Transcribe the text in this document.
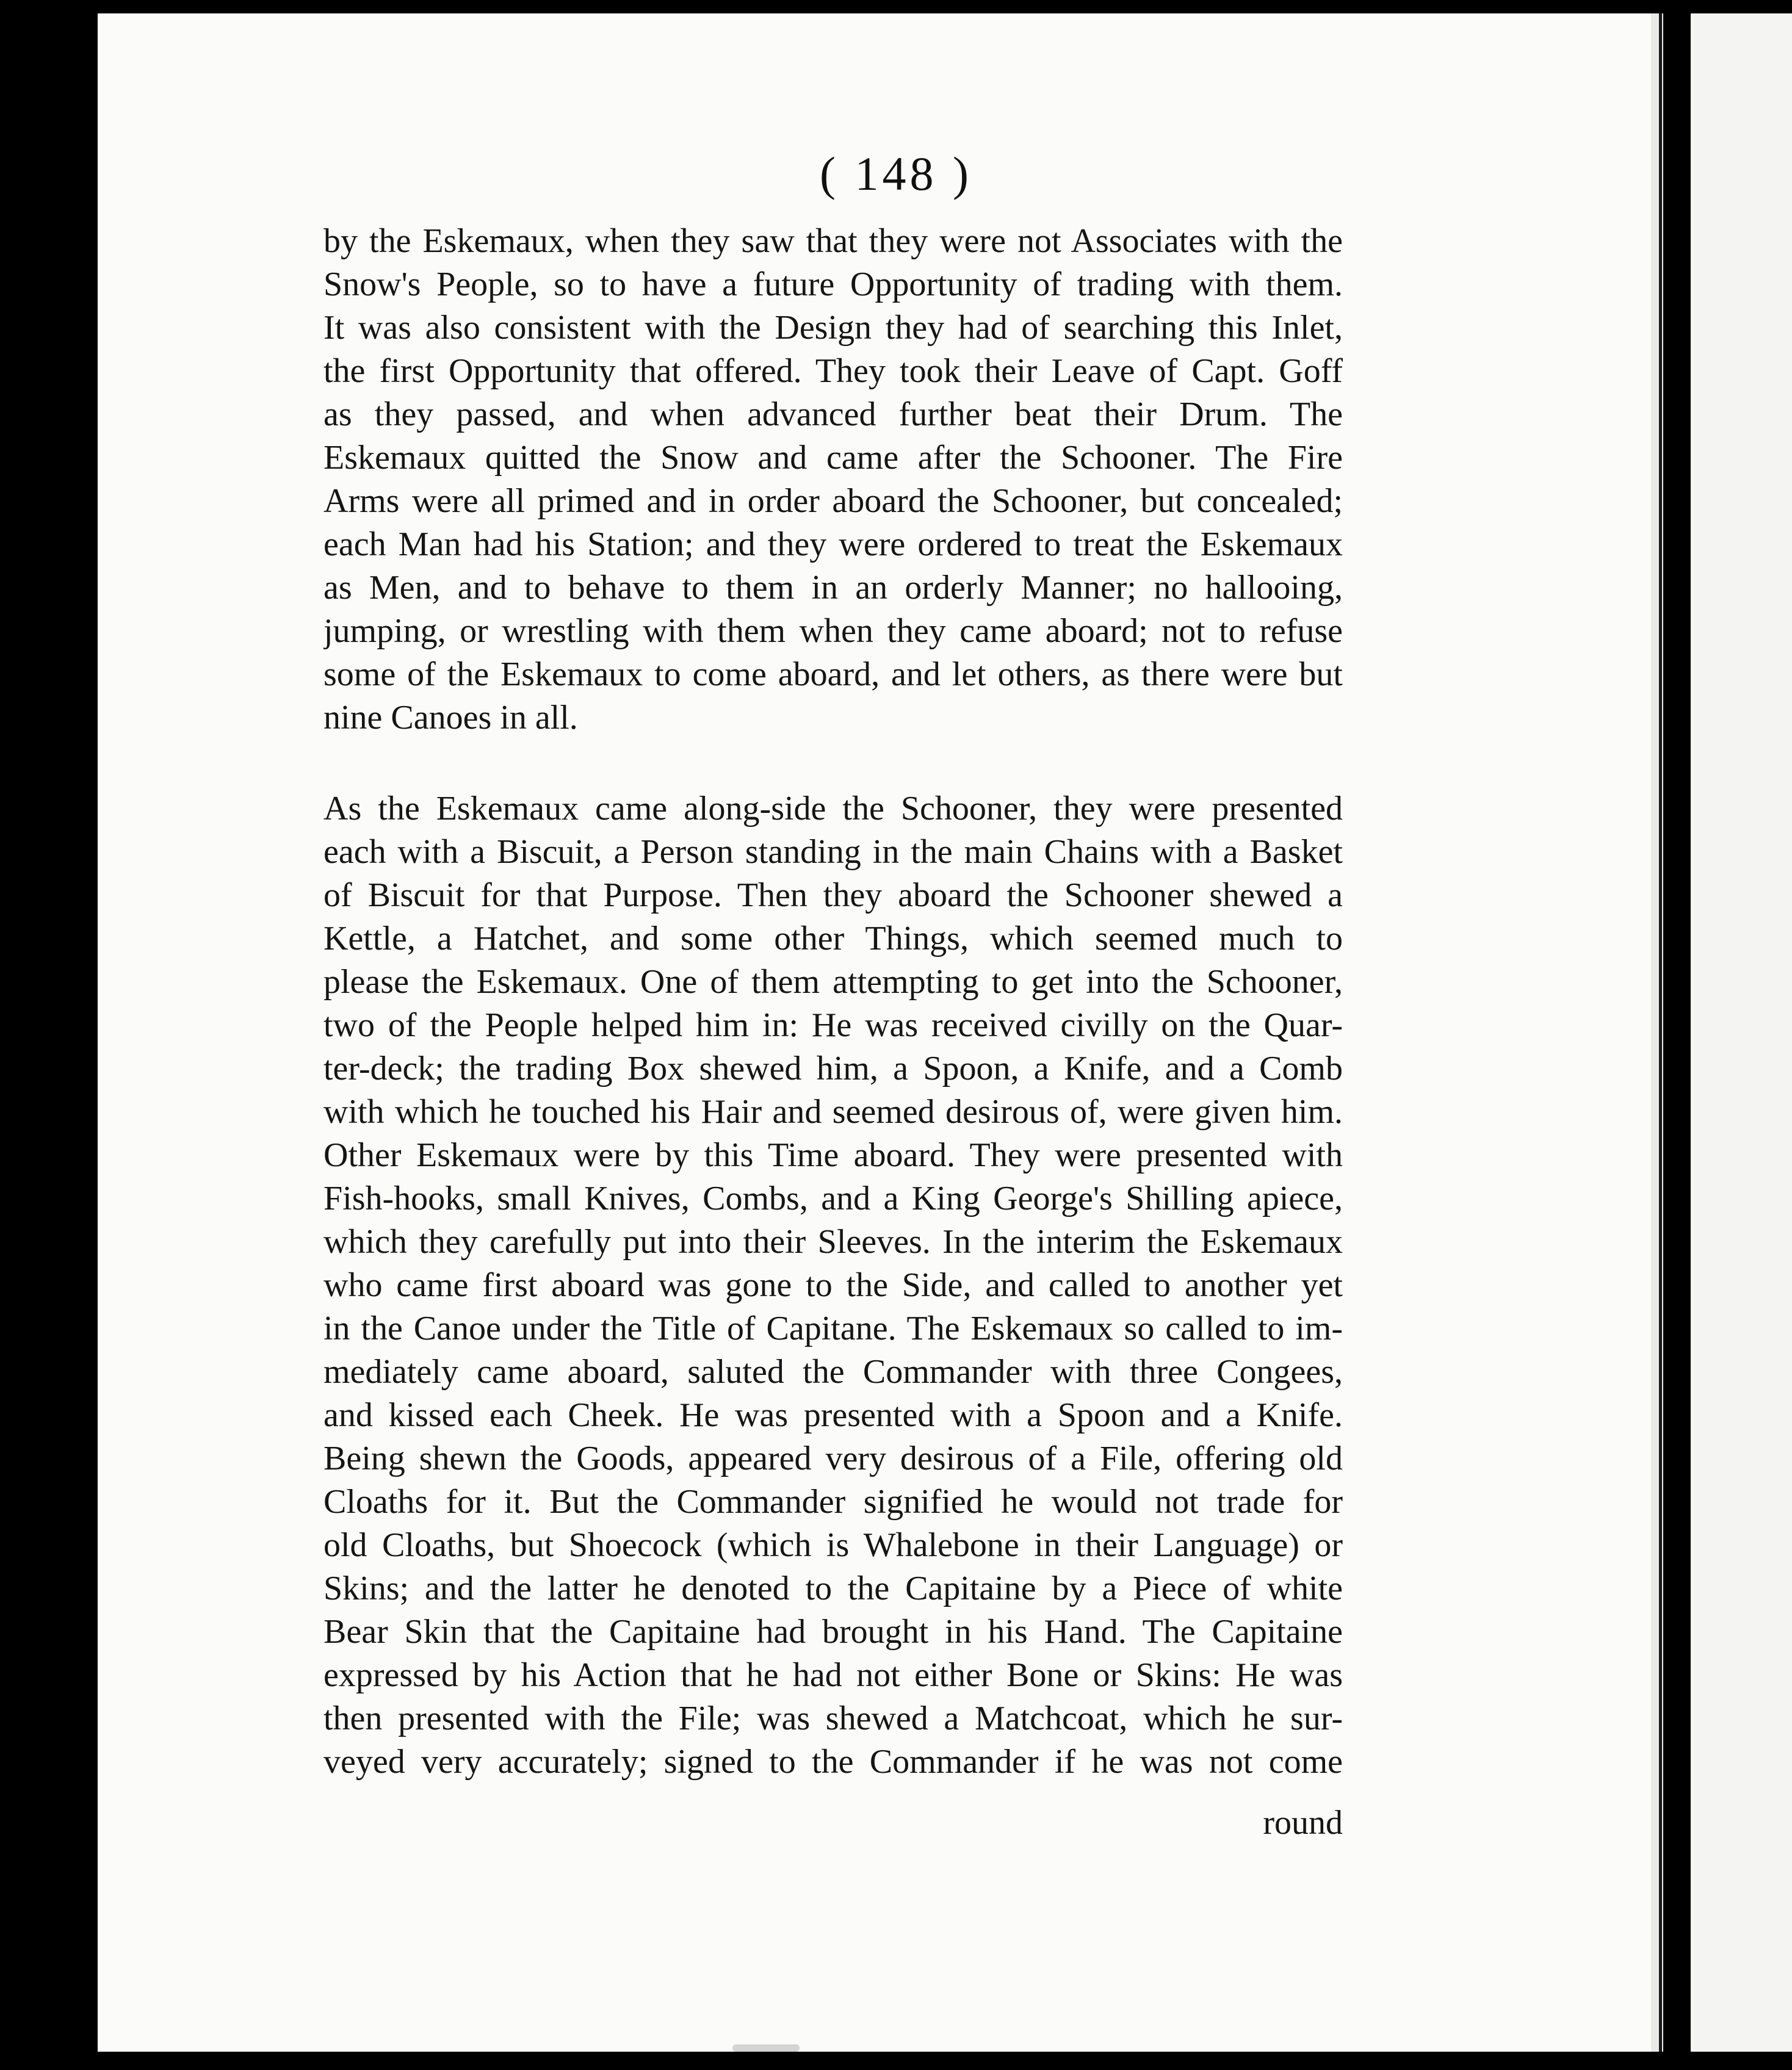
( 148 )
by the Eskemaux, when they saw that they were not Associates with the
Snow's People, so to have a future Opportunity of trading with them.
It was also consistent with the Design they had of searching this Inlet,
the first Opportunity that offered. They took their Leave of Capt. Goff
as they passed, and when advanced further beat their Drum. The
Eskemaux quitted the Snow and came after the Schooner. The Fire
Arms were all primed and in order aboard the Schooner, but concealed;
each Man had his Station; and they were ordered to treat the Eskemaux
as Men, and to behave to them in an orderly Manner; no hallooing,
jumping, or wrestling with them when they came aboard; not to refuse
some of the Eskemaux to come aboard, and let others, as there were but
nine Canoes in all.
As the Eskemaux came along-side the Schooner, they were presented
each with a Biscuit, a Person standing in the main Chains with a Basket
of Biscuit for that Purpose. Then they aboard the Schooner shewed a
Kettle, a Hatchet, and some other Things, which seemed much to
please the Eskemaux. One of them attempting to get into the Schooner,
two of the People helped him in: He was received civilly on the Quar-
ter-deck; the trading Box shewed him, a Spoon, a Knife, and a Comb
with which he touched his Hair and seemed desirous of, were given him.
Other Eskemaux were by this Time aboard. They were presented with
Fish-hooks, small Knives, Combs, and a King George's Shilling apiece,
which they carefully put into their Sleeves. In the interim the Eskemaux
who came first aboard was gone to the Side, and called to another yet
in the Canoe under the Title of Capitane. The Eskemaux so called to im-
mediately came aboard, saluted the Commander with three Congees,
and kissed each Cheek. He was presented with a Spoon and a Knife.
Being shewn the Goods, appeared very desirous of a File, offering old
Cloaths for it. But the Commander signified he would not trade for
old Cloaths, but Shoecock (which is Whalebone in their Language) or
Skins; and the latter he denoted to the Capitaine by a Piece of white
Bear Skin that the Capitaine had brought in his Hand. The Capitaine
expressed by his Action that he had not either Bone or Skins: He was
then presented with the File; was shewed a Matchcoat, which he sur-
veyed very accurately; signed to the Commander if he was not come
round
